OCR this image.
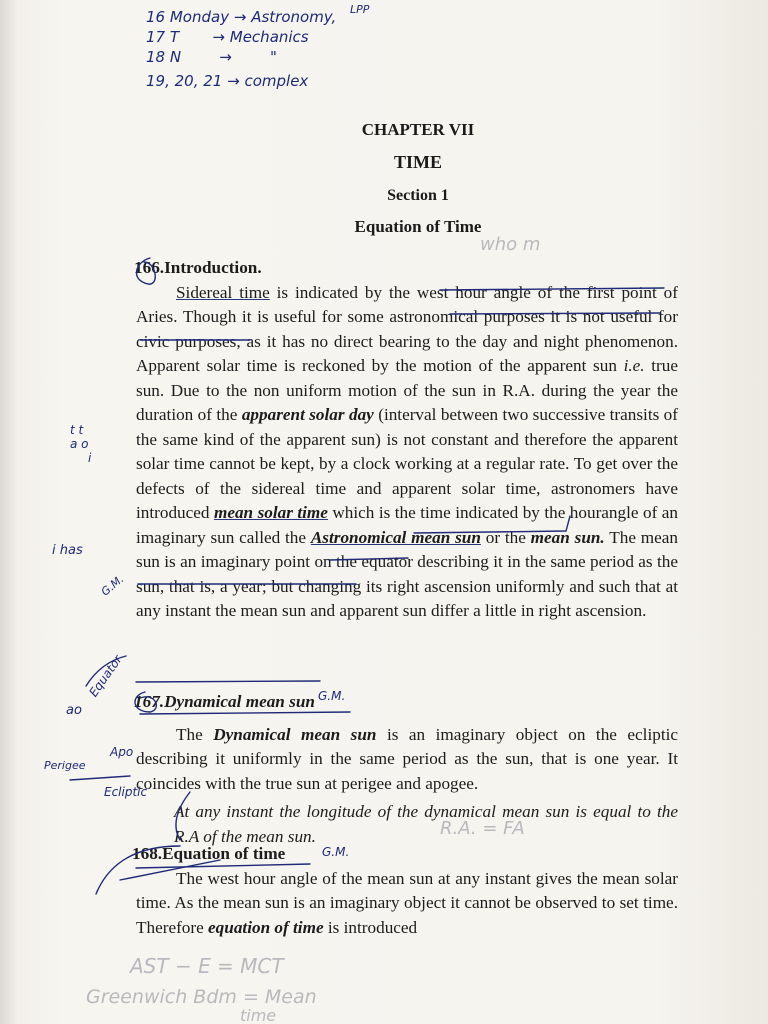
16 Monday → Astronomy, LPP
17 T       → Mechanics
18 N        →        "
19, 20, 21 → complex
CHAPTER VII
TIME
Section 1
Equation of Time

166.Introduction.

Sidereal time is indicated by the west hour angle of the first point of Aries. Though it is useful for some astronomical purposes it is not useful for civic purposes, as it has no direct bearing to the day and night phenomenon. Apparent solar time is reckoned by the motion of the apparent sun i.e. true sun. Due to the non uniform motion of the sun in R.A. during the year the duration of the apparent solar day (interval between two successive transits of the same kind of the apparent sun) is not constant and therefore the apparent solar time cannot be kept, by a clock working at a regular rate. To get over the defects of the sidereal time and apparent solar time, astronomers have introduced mean solar time which is the time indicated by the hourangle of an imaginary sun called the Astronomical mean sun or the mean sun. The mean sun is an imaginary point on the equator describing it in the same period as the sun, that is, a year; but changing its right ascension uniformly and such that at any instant the mean sun and apparent sun differ a little in right ascension.

167.Dynamical mean sun

The Dynamical mean sun is an imaginary object on the ecliptic describing it uniformly in the same period as the sun, that is one year. It coincides with the true sun at perigee and apogee.

At any instant the longitude of the dynamical mean sun is equal to the R.A of the mean sun.

168.Equation of time

The west hour angle of the mean sun at any instant gives the mean solar time. As the mean sun is an imaginary object it cannot be observed to set time. Therefore equation of time is introduced

t t
a o
i
i has
G.M.
Equator
ao
Perigee
Apo
Ecliptic
G.M.
G.M.
who m
R.A. = FA
AST − E = MCT
Greenwich Bdm = Mean
time
